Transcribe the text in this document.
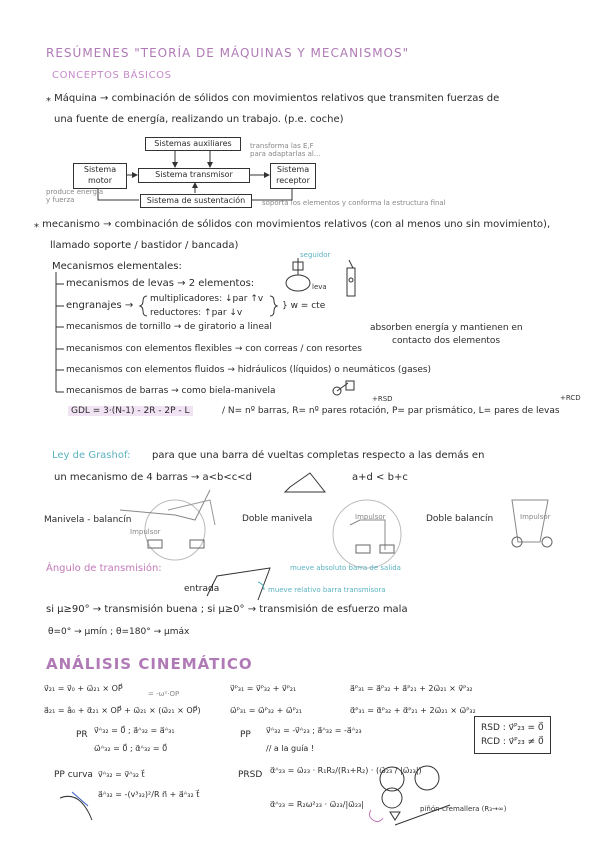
RESÚMENES "TEORÍA DE MÁQUINAS Y MECANISMOS"
CONCEPTOS BÁSICOS
⁎ Máquina → combinación de sólidos con movimientos relativos que transmiten fuerzas de
una fuente de energía, realizando un trabajo. (p.e. coche)
Sistemas auxiliares
Sistema motor
Sistema transmisor
Sistema receptor
Sistema de sustentación
transforma las E,F para adaptarlas al...
produce energía y fuerza	soporta los elementos y conforma la estructura final
⁎ mecanismo → combinación de sólidos con movimientos relativos (con al menos uno sin movimiento),
llamado soporte / bastidor / bancada)
Mecanismos elementales:
seguidor
leva
mecanismos de levas → 2 elementos:
engranajes →
multiplicadores: ↓par ↑v
reductores: ↑par ↓v
} w = cte
mecanismos de tornillo → de giratorio a lineal
mecanismos con elementos flexibles → con correas / con resortes
absorben energía y mantienen en
contacto dos elementos
mecanismos con elementos fluidos → hidráulicos (líquidos) o neumáticos (gases)
mecanismos de barras → como biela-manivela
GDL = 3·(N-1) - 2R - 2P - L	/ N= nº barras, R= nº pares rotación, P= par prismático, L= pares de levas
+RSD	+RCD
Ley de Grashof: para que una barra dé vueltas completas respecto a las demás en
un mecanismo de 4 barras → a<b<c<d	a+d < b+c
Manivela - balancín	Doble manivela	Doble balancín
Impulsor
Impulsor	Impulsor
Ángulo de transmisión:
entrada
mueve absoluto barra de salida
mueve relativo barra transmisora
si μ≥90° → transmisión buena ; si μ≥0° → transmisión de esfuerzo mala
θ=0° → μmín ; θ=180° → μmáx
ANÁLISIS CINEMÁTICO
v⃗₂₁ = v⃗₀ + ω⃗₂₁ × OP⃗
= -ω²·OP
a⃗₂₁ = â₀ + α⃗₂₁ × OP⃗ + ω⃗₂₁ × (ω⃗₂₁ × OP⃗)
v⃗ᴾ₃₁ = v⃗ᴾ₃₂ + v⃗ᴾ₂₁
ω⃗ᴾ₃₁ = ω⃗ᴾ₃₂ + ω⃗ᴾ₂₁
a⃗ᴾ₃₁ = a⃗ᴾ₃₂ + a⃗ᴾ₂₁ + 2ω⃗₂₁ × v⃗ᴾ₃₂
α⃗ᴾ₃₁ = α⃗ᴾ₃₂ + α⃗ᴾ₂₁ + 2ω⃗₂₁ × ω⃗ᴾ₃₂
RSD : v⃗ᴾ₂₃ = 0⃗
RCD : v⃗ᴾ₂₃ ≠ 0⃗
PR v⃗ᴬ₃₂ = 0⃗ ; a⃗ᴬ₃₂ = a⃗ᴬ₃₁
ω⃗ᴬ₃₂ = 0⃗ ; α⃗ᴬ₃₂ = 0⃗
PP v⃗ᴬ₃₂ = -v⃗ᴬ₂₃ ; a⃗ᴬ₃₂ = -a⃗ᴬ₂₃
// a la guía !
PP curva v⃗ᴬ₃₂ = v⃗ᴬ₃₂ t⃗
a⃗ᴬ₃₂ = -(v³₃₂)²/R n⃗ + a⃗ᴬ₃₂ t⃗
PRSD α⃗ᴬ₂₃ = ω⃗₂₃ · R₁R₂/(R₁+R₂) · (ω⃗₂₃ / |ω⃗₂₃|)
α⃗ᴬ₂₃ = R₂ω²₂₃ · ω⃗₂₃/|ω⃗₂₃|	piñón-cremallera (R₃→∞)
